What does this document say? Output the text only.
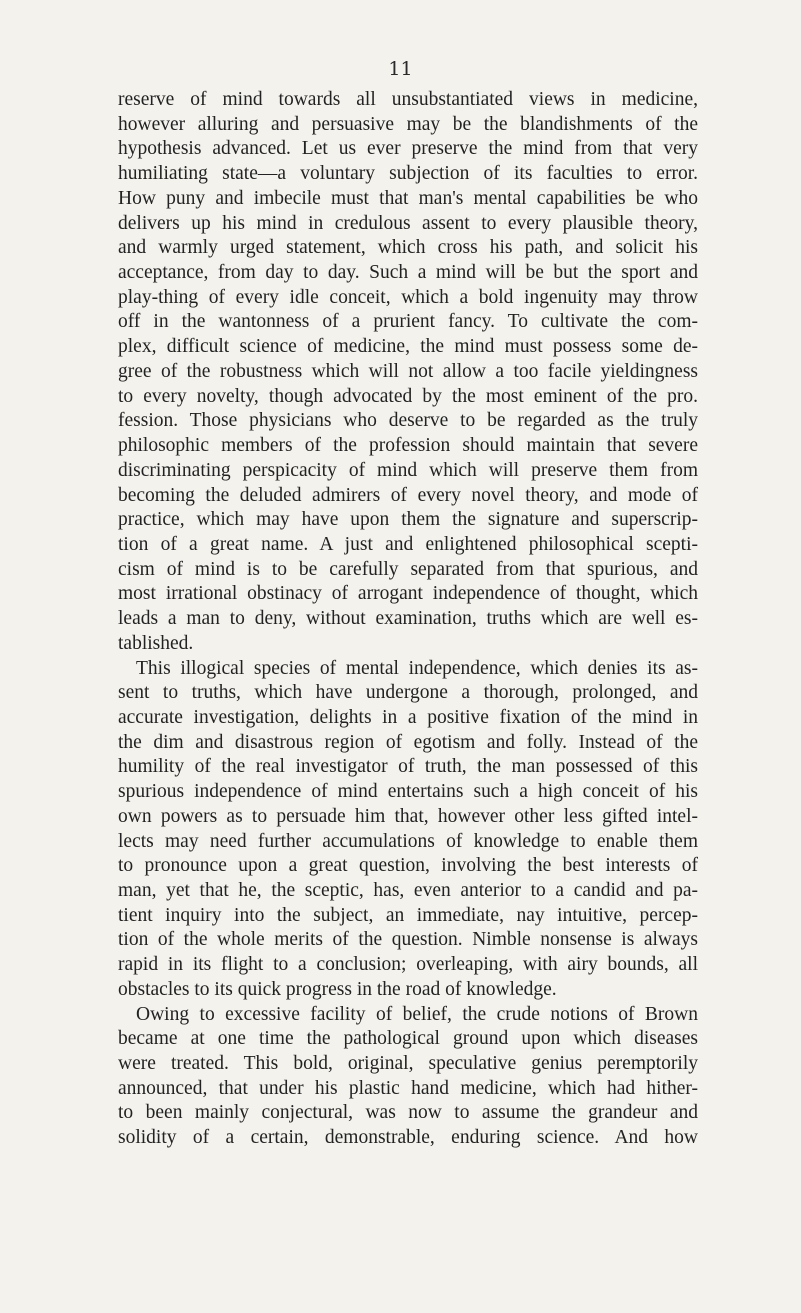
11
reserve of mind towards all unsubstantiated views in medicine,
however alluring and persuasive may be the blandishments of the
hypothesis advanced. Let us ever preserve the mind from that very
humiliating state—a voluntary subjection of its faculties to error.
How puny and imbecile must that man's mental capabilities be who
delivers up his mind in credulous assent to every plausible theory,
and warmly urged statement, which cross his path, and solicit his
acceptance, from day to day. Such a mind will be but the sport and
play-thing of every idle conceit, which a bold ingenuity may throw
off in the wantonness of a prurient fancy. To cultivate the com-
plex, difficult science of medicine, the mind must possess some de-
gree of the robustness which will not allow a too facile yieldingness
to every novelty, though advocated by the most eminent of the pro.
fession. Those physicians who deserve to be regarded as the truly
philosophic members of the profession should maintain that severe
discriminating perspicacity of mind which will preserve them from
becoming the deluded admirers of every novel theory, and mode of
practice, which may have upon them the signature and superscrip-
tion of a great name. A just and enlightened philosophical scepti-
cism of mind is to be carefully separated from that spurious, and
most irrational obstinacy of arrogant independence of thought, which
leads a man to deny, without examination, truths which are well es-
tablished.
This illogical species of mental independence, which denies its as-
sent to truths, which have undergone a thorough, prolonged, and
accurate investigation, delights in a positive fixation of the mind in
the dim and disastrous region of egotism and folly. Instead of the
humility of the real investigator of truth, the man possessed of this
spurious independence of mind entertains such a high conceit of his
own powers as to persuade him that, however other less gifted intel-
lects may need further accumulations of knowledge to enable them
to pronounce upon a great question, involving the best interests of
man, yet that he, the sceptic, has, even anterior to a candid and pa-
tient inquiry into the subject, an immediate, nay intuitive, percep-
tion of the whole merits of the question. Nimble nonsense is always
rapid in its flight to a conclusion; overleaping, with airy bounds, all
obstacles to its quick progress in the road of knowledge.
Owing to excessive facility of belief, the crude notions of Brown
became at one time the pathological ground upon which diseases
were treated. This bold, original, speculative genius peremptorily
announced, that under his plastic hand medicine, which had hither-
to been mainly conjectural, was now to assume the grandeur and
solidity of a certain, demonstrable, enduring science. And how
